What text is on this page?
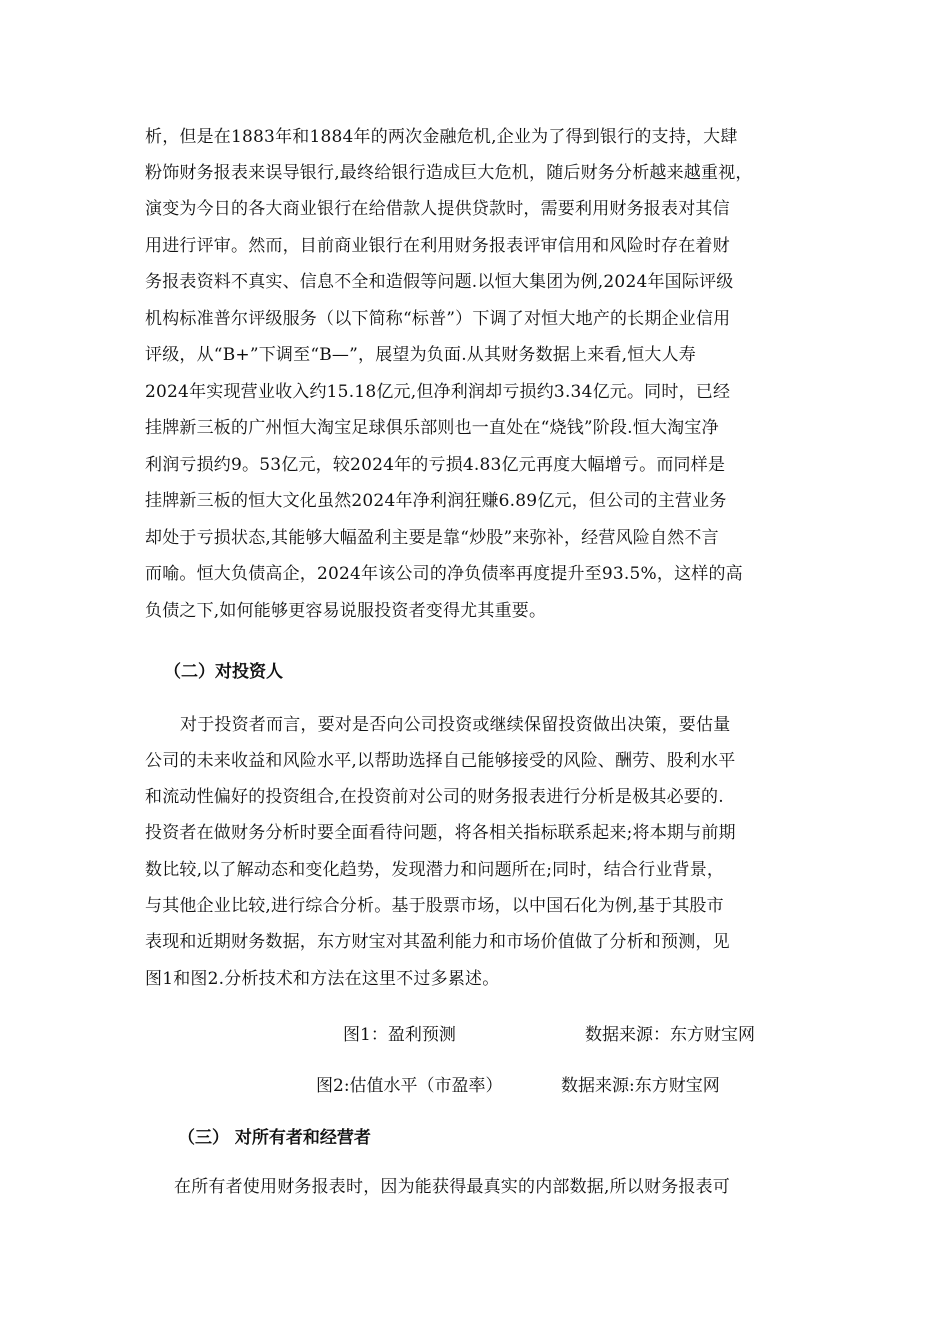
析，但是在1883年和1884年的两次金融危机,企业为了得到银行的支持，大肆
粉饰财务报表来误导银行,最终给银行造成巨大危机，随后财务分析越来越重视，
演变为今日的各大商业银行在给借款人提供贷款时，需要利用财务报表对其信
用进行评审。然而，目前商业银行在利用财务报表评审信用和风险时存在着财
务报表资料不真实、信息不全和造假等问题.以恒大集团为例,2024年国际评级
机构标准普尔评级服务（以下简称“标普”）下调了对恒大地产的长期企业信用
评级，从“B+”下调至“B—”，展望为负面.从其财务数据上来看,恒大人寿
2024年实现营业收入约15.18亿元,但净利润却亏损约3.34亿元。同时，已经
挂牌新三板的广州恒大淘宝足球俱乐部则也一直处在“烧钱”阶段.恒大淘宝净
利润亏损约9。53亿元，较2024年的亏损4.83亿元再度大幅增亏。而同样是
挂牌新三板的恒大文化虽然2024年净利润狂赚6.89亿元，但公司的主营业务
却处于亏损状态,其能够大幅盈利主要是靠“炒股”来弥补，经营风险自然不言
而喻。恒大负债高企，2024年该公司的净负债率再度提升至93.5%，这样的高
负债之下,如何能够更容易说服投资者变得尤其重要。
（二）对投资人
对于投资者而言，要对是否向公司投资或继续保留投资做出决策，要估量
公司的未来收益和风险水平,以帮助选择自己能够接受的风险、酬劳、股利水平
和流动性偏好的投资组合,在投资前对公司的财务报表进行分析是极其必要的.
投资者在做财务分析时要全面看待问题，将各相关指标联系起来;将本期与前期
数比较,以了解动态和变化趋势，发现潜力和问题所在;同时，结合行业背景，
与其他企业比较,进行综合分析。基于股票市场，以中国石化为例,基于其股市
表现和近期财务数据，东方财宝对其盈利能力和市场价值做了分析和预测，见
图1和图2.分析技术和方法在这里不过多累述。
图1：盈利预测	数据来源：东方财宝网
图2:估值水平（市盈率）	数据来源:东方财宝网
（三） 对所有者和经营者
在所有者使用财务报表时，因为能获得最真实的内部数据,所以财务报表可
